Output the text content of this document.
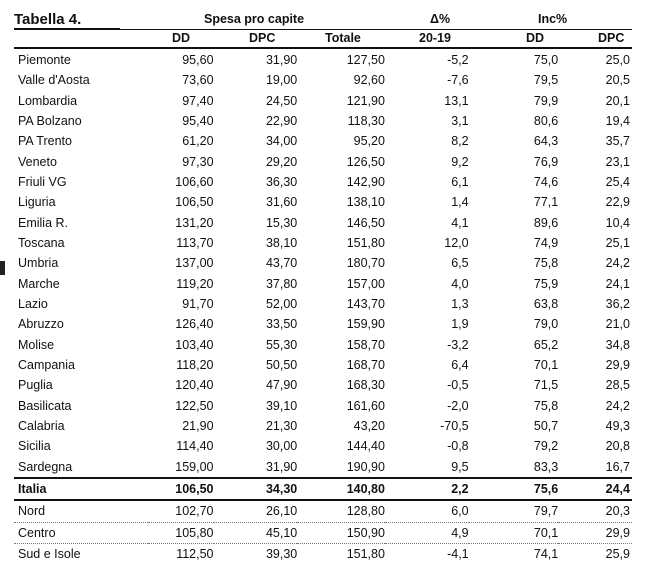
Tabella 4.	Spesa pro capite	Δ%	Inc%
DD	DPC	Totale	20-19	DD	DPC
Piemonte	95,60	31,90	127,50	-5,2	75,0	25,0
Valle d'Aosta	73,60	19,00	92,60	-7,6	79,5	20,5
Lombardia	97,40	24,50	121,90	13,1	79,9	20,1
PA Bolzano	95,40	22,90	118,30	3,1	80,6	19,4
PA Trento	61,20	34,00	95,20	8,2	64,3	35,7
Veneto	97,30	29,20	126,50	9,2	76,9	23,1
Friuli VG	106,60	36,30	142,90	6,1	74,6	25,4
Liguria	106,50	31,60	138,10	1,4	77,1	22,9
Emilia R.	131,20	15,30	146,50	4,1	89,6	10,4
Toscana	113,70	38,10	151,80	12,0	74,9	25,1
Umbria	137,00	43,70	180,70	6,5	75,8	24,2
Marche	119,20	37,80	157,00	4,0	75,9	24,1
Lazio	91,70	52,00	143,70	1,3	63,8	36,2
Abruzzo	126,40	33,50	159,90	1,9	79,0	21,0
Molise	103,40	55,30	158,70	-3,2	65,2	34,8
Campania	118,20	50,50	168,70	6,4	70,1	29,9
Puglia	120,40	47,90	168,30	-0,5	71,5	28,5
Basilicata	122,50	39,10	161,60	-2,0	75,8	24,2
Calabria	21,90	21,30	43,20	-70,5	50,7	49,3
Sicilia	114,40	30,00	144,40	-0,8	79,2	20,8
Sardegna	159,00	31,90	190,90	9,5	83,3	16,7
Italia	106,50	34,30	140,80	2,2	75,6	24,4
Nord	102,70	26,10	128,80	6,0	79,7	20,3
Centro	105,80	45,10	150,90	4,9	70,1	29,9
Sud e Isole	112,50	39,30	151,80	-4,1	74,1	25,9
